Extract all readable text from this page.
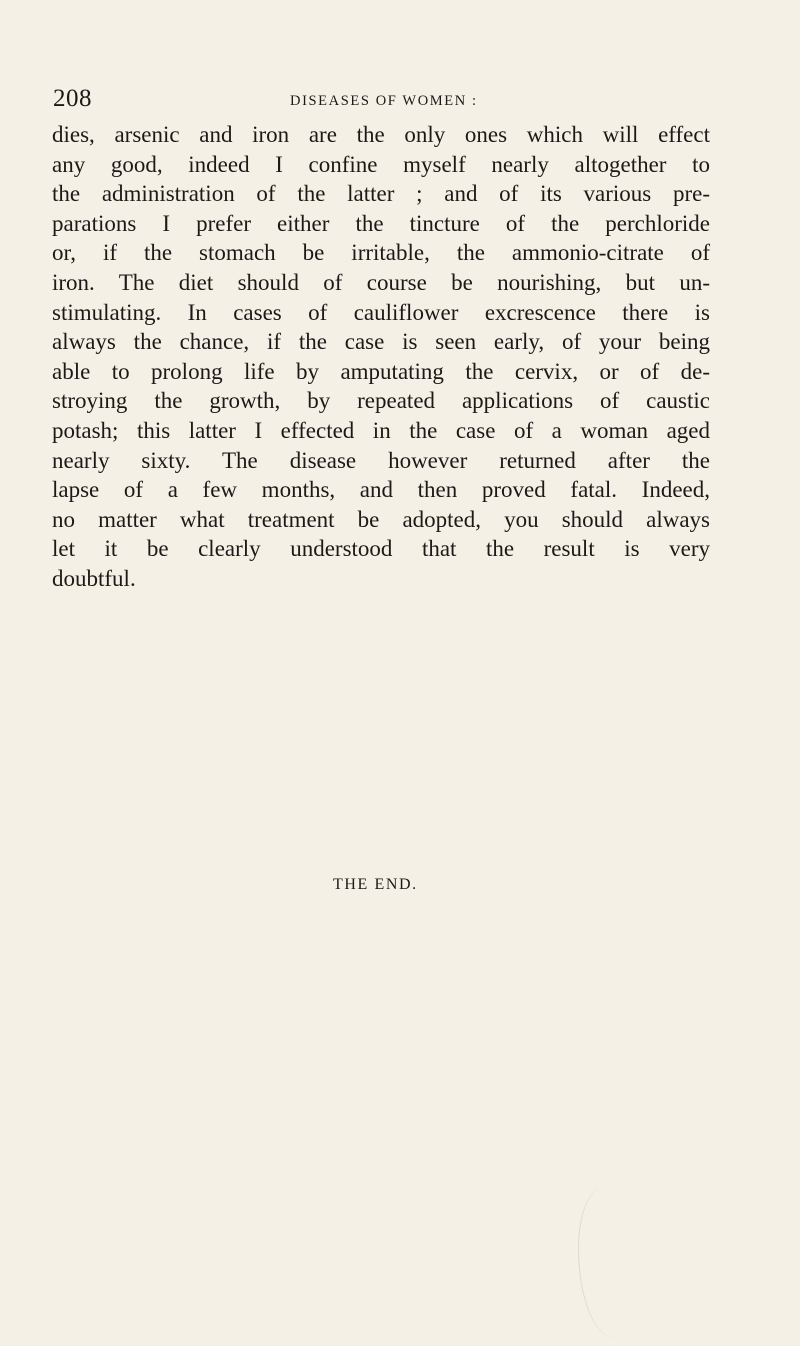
208	DISEASES OF WOMEN :
dies, arsenic and iron are the only ones which will effect
any good, indeed I confine myself nearly altogether to
the administration of the latter ; and of its various pre-
parations I prefer either the tincture of the perchloride
or, if the stomach be irritable, the ammonio-citrate of
iron. The diet should of course be nourishing, but un-
stimulating. In cases of cauliflower excrescence there is
always the chance, if the case is seen early, of your being
able to prolong life by amputating the cervix, or of de-
stroying the growth, by repeated applications of caustic
potash; this latter I effected in the case of a woman aged
nearly sixty. The disease however returned after the
lapse of a few months, and then proved fatal. Indeed,
no matter what treatment be adopted, you should always
let it be clearly understood that the result is very
doubtful.
THE END.
